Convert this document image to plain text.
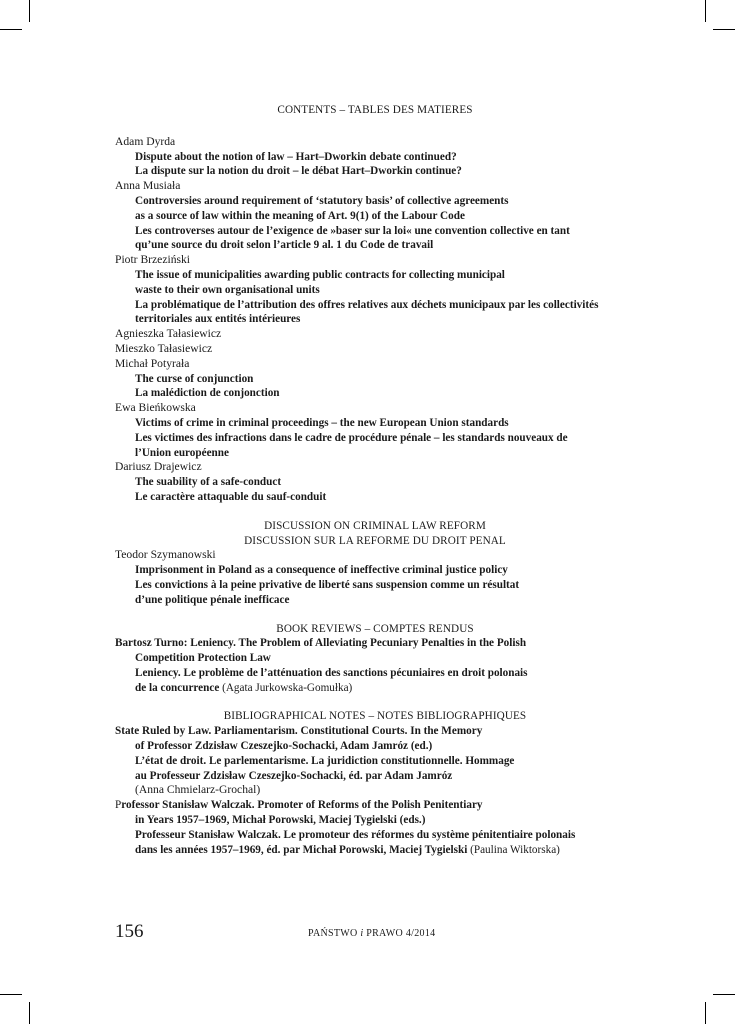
CONTENTS – TABLES DES MATIERES

Adam Dyrda

Dispute about the notion of law – Hart–Dworkin debate continued?

La dispute sur la notion du droit – le débat Hart–Dworkin continue?

Anna Musiała

Controversies around requirement of ‘statutory basis’ of collective agreements

as a source of law within the meaning of Art. 9(1) of the Labour Code

Les controverses autour de l’exigence de »baser sur la loi« une convention collective en tant

qu’une source du droit selon l’article 9 al. 1 du Code de travail

Piotr Brzeziński

The issue of municipalities awarding public contracts for collecting municipal

waste to their own organisational units

La problématique de l’attribution des offres relatives aux déchets municipaux par les collectivités

territoriales aux entités intérieures

Agnieszka Tałasiewicz

Mieszko Tałasiewicz

Michał Potyrała

The curse of conjunction

La malédiction de conjonction

Ewa Bieńkowska

Victims of crime in criminal proceedings – the new European Union standards

Les victimes des infractions dans le cadre de procédure pénale – les standards nouveaux de

l’Union européenne

Dariusz Drajewicz

The suability of a safe-conduct

Le caractère attaquable du sauf-conduit

DISCUSSION ON CRIMINAL LAW REFORM

DISCUSSION SUR LA REFORME DU DROIT PENAL

Teodor Szymanowski

Imprisonment in Poland as a consequence of ineffective criminal justice policy

Les convictions à la peine privative de liberté sans suspension comme un résultat

d’une politique pénale inefficace

BOOK REVIEWS – COMPTES RENDUS

Bartosz Turno: Leniency. The Problem of Alleviating Pecuniary Penalties in the Polish

Competition Protection Law

Leniency. Le problème de l’atténuation des sanctions pécuniaires en droit polonais

de la concurrence (Agata Jurkowska-Gomułka)

BIBLIOGRAPHICAL NOTES – NOTES BIBLIOGRAPHIQUES

State Ruled by Law. Parliamentarism. Constitutional Courts. In the Memory

of Professor Zdzisław Czeszejko-Sochacki, Adam Jamróz (ed.)

L’état de droit. Le parlementarisme. La juridiction constitutionnelle. Hommage

au Professeur Zdzisław Czeszejko-Sochacki, éd. par Adam Jamróz

(Anna Chmielarz-Grochal)

Professor Stanisław Walczak. Promoter of Reforms of the Polish Penitentiary

in Years 1957–1969, Michał Porowski, Maciej Tygielski (eds.)

Professeur Stanisław Walczak. Le promoteur des réformes du système pénitentiaire polonais

dans les années 1957–1969, éd. par Michał Porowski, Maciej Tygielski (Paulina Wiktorska)

156	PAŃSTWO i PRAWO 4/2014
